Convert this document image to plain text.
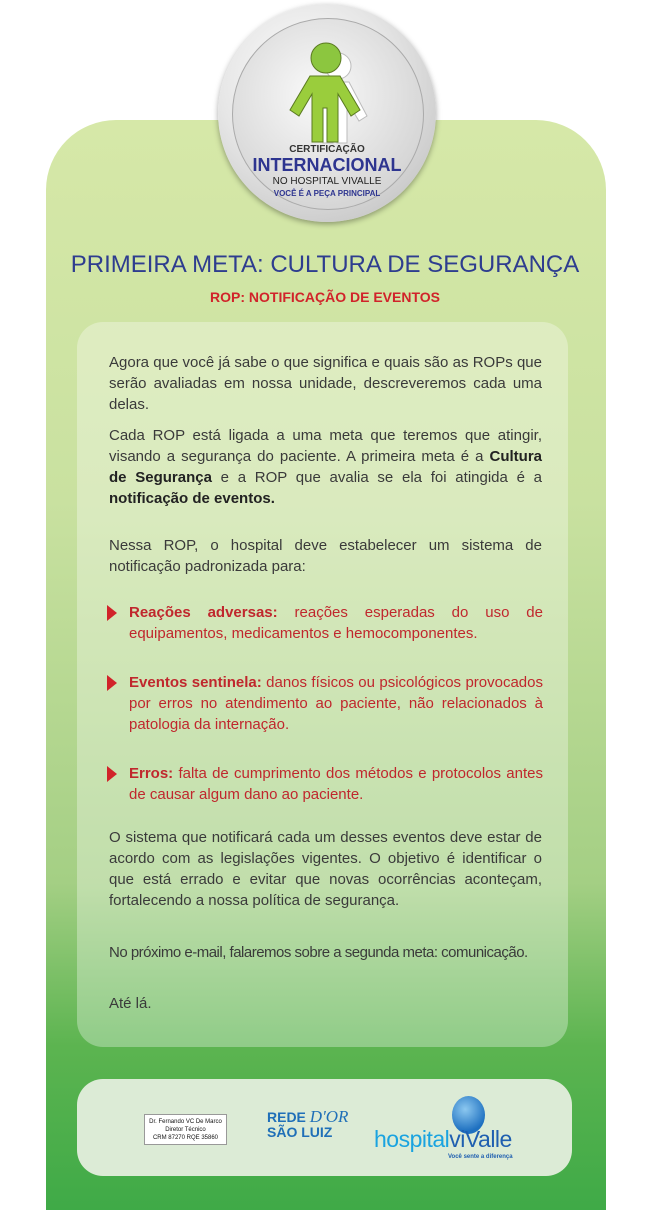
CERTIFICAÇÃO
INTERNACIONAL
NO HOSPITAL VIVALLE
VOCÊ É A PEÇA PRINCIPAL
PRIMEIRA META: CULTURA DE SEGURANÇA
ROP: NOTIFICAÇÃO DE EVENTOS
Agora que você já sabe o que significa e quais são as ROPs que serão avaliadas em nossa unidade, descreveremos cada uma delas.
Cada ROP está ligada a uma meta que teremos que atingir, visando a segurança do paciente. A primeira meta é a Cultura de Segurança e a ROP que avalia se ela foi atingida é a notificação de eventos.
Nessa ROP, o hospital deve estabelecer um sistema de notificação padronizada para:
Reações adversas: reações esperadas do uso de equipamentos, medicamentos e hemocomponentes.
Eventos sentinela: danos físicos ou psicológicos provocados por erros no atendimento ao paciente, não relacionados à patologia da internação.
Erros: falta de cumprimento dos métodos e protocolos antes de causar algum dano ao paciente.
O sistema que notificará cada um desses eventos deve estar de acordo com as legislações vigentes. O objetivo é identificar o que está errado e evitar que novas ocorrências aconteçam, fortalecendo a nossa política de segurança.
No próximo e-mail, falaremos sobre a segunda meta: comunicação.
Até lá.
Dr. Fernando VC De Marco
Diretor Técnico
CRM 87270 RQE 35860
REDE D'OR
SÃO LUIZ	hospitalviValle
Você sente a diferença
